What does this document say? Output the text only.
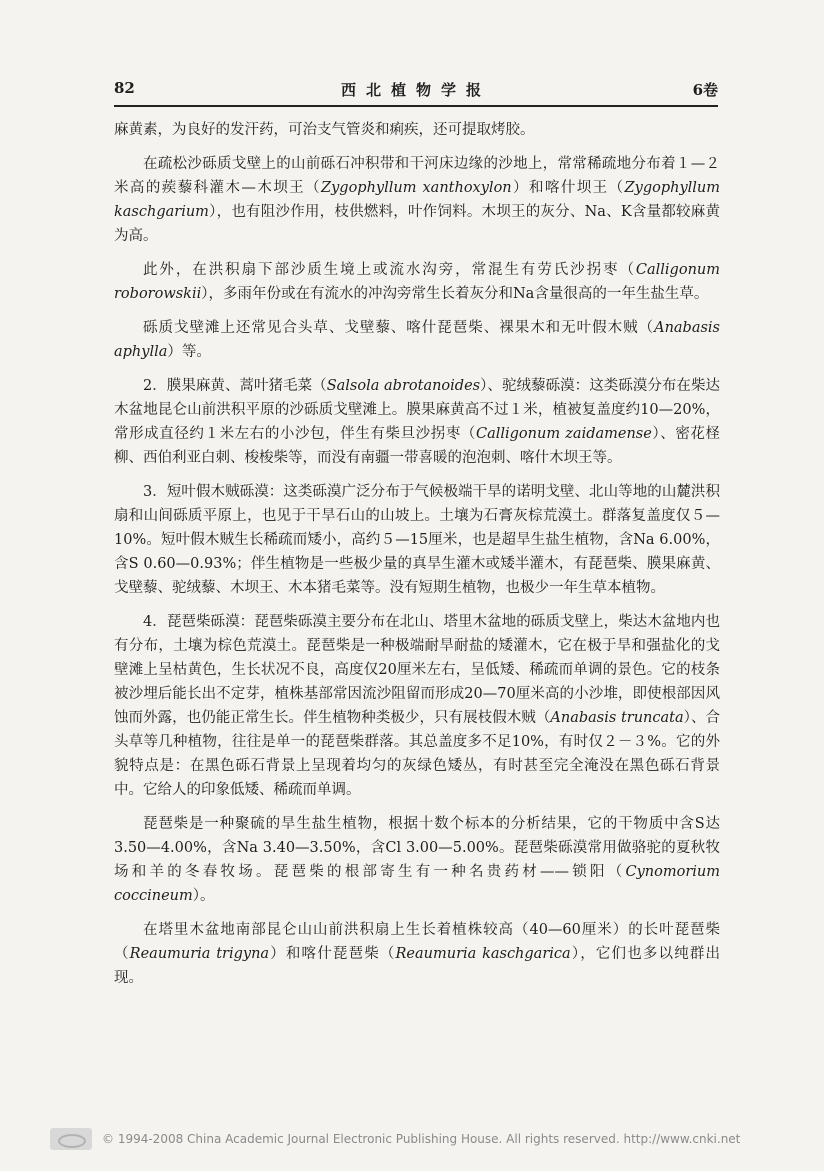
82	西北植物学报	6卷

麻黄素，为良好的发汗药，可治支气管炎和痢疾，还可提取烤胶。

在疏松沙砾质戈壁上的山前砾石冲积带和干河床边缘的沙地上，常常稀疏地分布着１—２米高的蒺藜科灌木—木坝王（Zygophyllum xanthoxylon）和喀什坝王（Zygophyllum kaschgarium），也有阻沙作用，枝供燃料，叶作饲料。木坝王的灰分、Na、K含量都较麻黄为高。

此外，在洪积扇下部沙质生境上或流水沟旁，常混生有劳氏沙拐枣（Calligonum roborowskii），多雨年份或在有流水的冲沟旁常生长着灰分和Na含量很高的一年生盐生草。

砾质戈壁滩上还常见合头草、戈壁藜、喀什琵琶柴、裸果木和无叶假木贼（Anabasis aphylla）等。

2．膜果麻黄、蒿叶猪毛菜（Salsola abrotanoides）、驼绒藜砾漠：这类砾漠分布在柴达木盆地昆仑山前洪积平原的沙砾质戈壁滩上。膜果麻黄高不过１米，植被复盖度约10—20%，常形成直径约１米左右的小沙包，伴生有柴旦沙拐枣（Calligonum zaidamense）、密花柽柳、西伯利亚白刺、梭梭柴等，而没有南疆一带喜暖的泡泡刺、喀什木坝王等。

3．短叶假木贼砾漠：这类砾漠广泛分布于气候极端干旱的诺明戈壁、北山等地的山麓洪积扇和山间砾质平原上，也见于干旱石山的山坡上。土壤为石膏灰棕荒漠土。群落复盖度仅５—10%。短叶假木贼生长稀疏而矮小，高约５—15厘米，也是超旱生盐生植物，含Na 6.00%，含S 0.60—0.93%；伴生植物是一些极少量的真旱生灌木或矮半灌木，有琵琶柴、膜果麻黄、戈壁藜、驼绒藜、木坝王、木本猪毛菜等。没有短期生植物，也极少一年生草本植物。

4．琵琶柴砾漠：琵琶柴砾漠主要分布在北山、塔里木盆地的砾质戈壁上，柴达木盆地内也有分布，土壤为棕色荒漠土。琵琶柴是一种极端耐旱耐盐的矮灌木，它在极于旱和强盐化的戈壁滩上呈枯黄色，生长状况不良，高度仅20厘米左右，呈低矮、稀疏而单调的景色。它的枝条被沙埋后能长出不定芽，植株基部常因流沙阻留而形成20—70厘米高的小沙堆，即使根部因风蚀而外露，也仍能正常生长。伴生植物种类极少，只有展枝假木贼（Anabasis truncata）、合头草等几种植物，往往是单一的琵琶柴群落。其总盖度多不足10%，有时仅２－３%。它的外貌特点是：在黑色砾石背景上呈现着均匀的灰绿色矮丛，有时甚至完全淹没在黑色砾石背景中。它给人的印象低矮、稀疏而单调。

琵琶柴是一种聚硫的旱生盐生植物，根据十数个标本的分析结果，它的干物质中含S达3.50—4.00%，含Na 3.40—3.50%，含Cl 3.00—5.00%。琵琶柴砾漠常用做骆驼的夏秋牧场和羊的冬春牧场。琵琶柴的根部寄生有一种名贵药材——锁阳（Cynomorium coccineum）。

在塔里木盆地南部昆仑山山前洪积扇上生长着植株较高（40—60厘米）的长叶琵琶柴（Reaumuria trigyna）和喀什琵琶柴（Reaumuria kaschgarica），它们也多以纯群出现。

© 1994-2008 China Academic Journal Electronic Publishing House. All rights reserved. http://www.cnki.net
